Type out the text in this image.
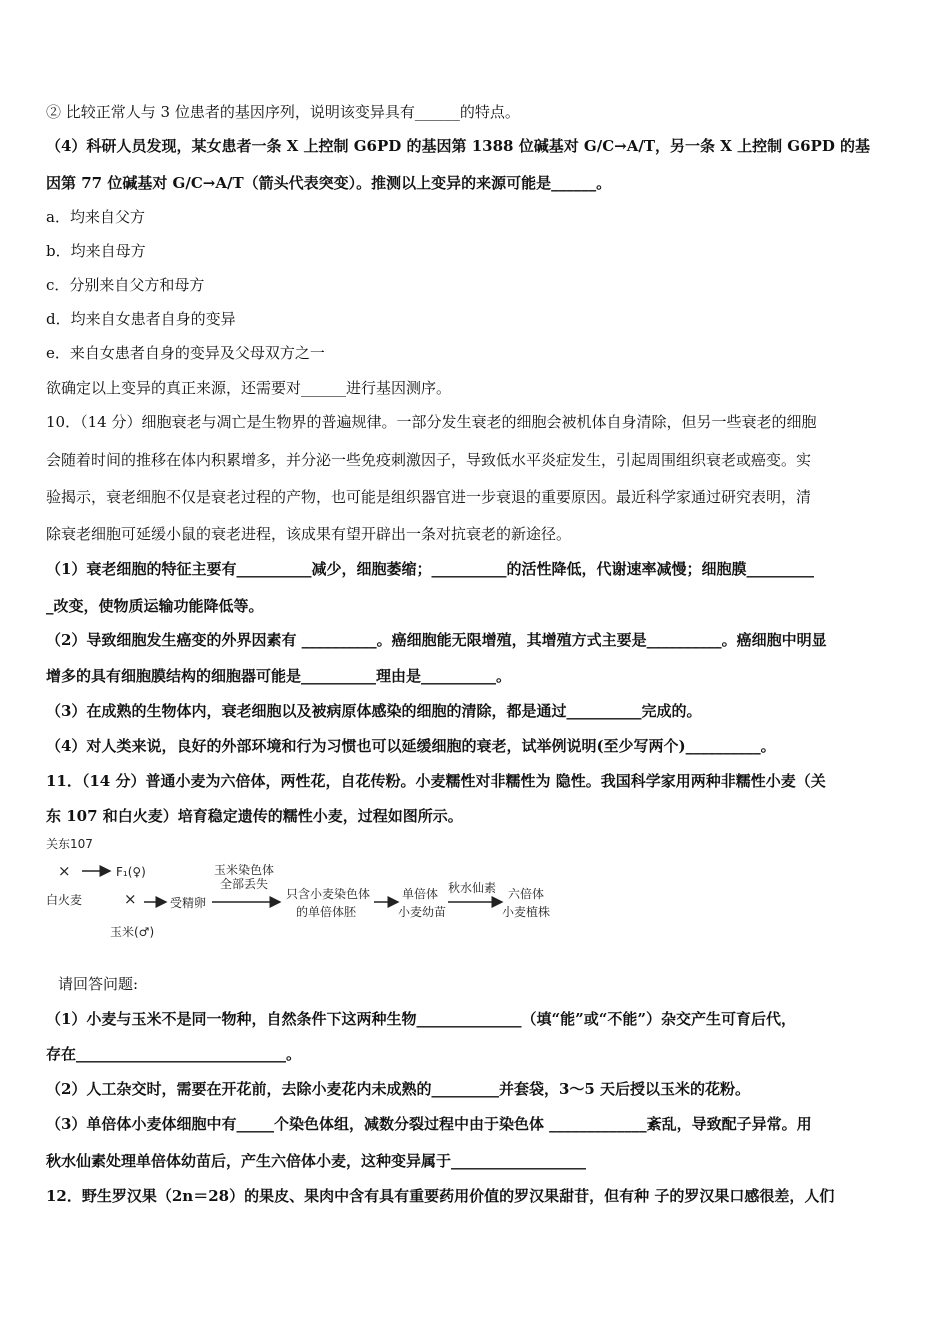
② 比较正常人与 3 位患者的基因序列，说明该变异具有______的特点。
（4）科研人员发现，某女患者一条 X 上控制 G6PD 的基因第 1388 位碱基对 G/C→A/T，另一条 X 上控制 G6PD 的基
因第 77 位碱基对 G/C→A/T（箭头代表突变）。推测以上变异的来源可能是______。
a．均来自父方
b．均来自母方
c．分别来自父方和母方
d．均来自女患者自身的变异
e．来自女患者自身的变异及父母双方之一
欲确定以上变异的真正来源，还需要对______进行基因测序。
10．（14 分）细胞衰老与凋亡是生物界的普遍规律。一部分发生衰老的细胞会被机体自身清除，但另一些衰老的细胞
会随着时间的推移在体内积累增多，并分泌一些免疫刺激因子，导致低水平炎症发生，引起周围组织衰老或癌变。实
验揭示，衰老细胞不仅是衰老过程的产物，也可能是组织器官进一步衰退的重要原因。最近科学家通过研究表明，清
除衰老细胞可延缓小鼠的衰老进程，该成果有望开辟出一条对抗衰老的新途径。
（1）衰老细胞的特征主要有__________减少，细胞萎缩；__________的活性降低，代谢速率减慢；细胞膜_________
_改变，使物质运输功能降低等。
（2）导致细胞发生癌变的外界因素有 __________。癌细胞能无限增殖，其增殖方式主要是__________。癌细胞中明显
增多的具有细胞膜结构的细胞器可能是__________理由是__________。
（3）在成熟的生物体内，衰老细胞以及被病原体感染的细胞的清除，都是通过__________完成的。
（4）对人类来说，良好的外部环境和行为习惯也可以延缓细胞的衰老，试举例说明(至少写两个)__________。
11．（14 分）普通小麦为六倍体，两性花，自花传粉。小麦糯性对非糯性为 隐性。我国科学家用两种非糯性小麦（关
东 107 和白火麦）培育稳定遗传的糯性小麦，过程如图所示。
关东107
×	F₁(♀)
白火麦	×	受精卵
玉米(♂)
玉米染色体
全部丢失
只含小麦染色体
的单倍体胚
单倍体
小麦幼苗
秋水仙素 六倍体
小麦植株
请回答问题:
（1）小麦与玉米不是同一物种，自然条件下这两种生物______________（填“能”或“不能”）杂交产生可育后代，
存在____________________________。
（2）人工杂交时，需要在开花前，去除小麦花内未成熟的_________并套袋，3～5 天后授以玉米的花粉。
（3）单倍体小麦体细胞中有_____个染色体组，减数分裂过程中由于染色体 _____________紊乱，导致配子异常。用
秋水仙素处理单倍体幼苗后，产生六倍体小麦，这种变异属于__________________
12．野生罗汉果（2n＝28）的果皮、果肉中含有具有重要药用价值的罗汉果甜苷，但有种 子的罗汉果口感很差，人们
